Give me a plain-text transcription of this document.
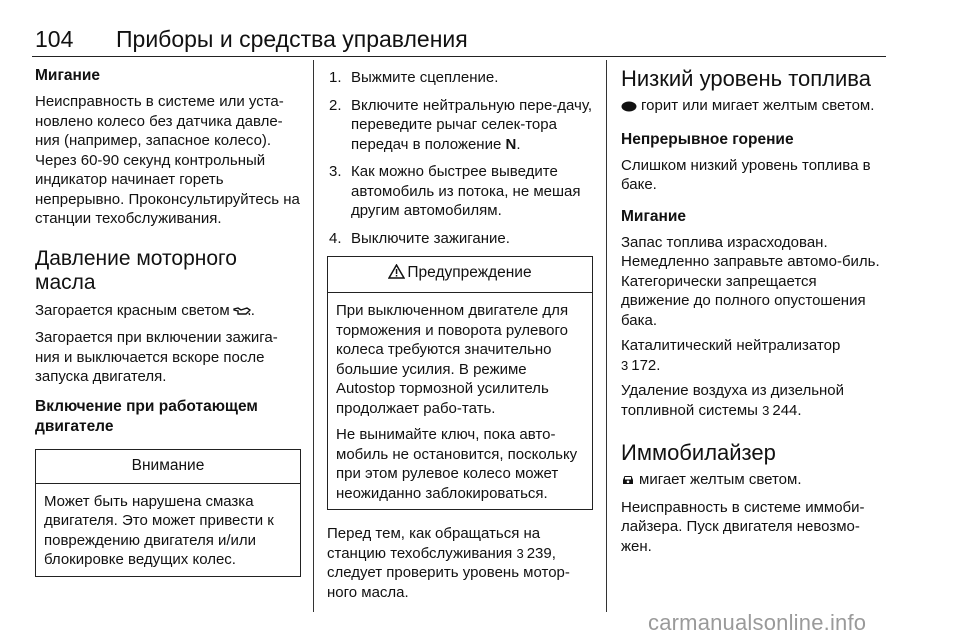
104 Приборы и средства управления
Мигание

Неисправность в системе или уста-новлено колесо без датчика давле-ния (например, запасное колесо). Через 60-90 секунд контрольный индикатор начинает гореть непрерывно. Проконсультируйтесь на станции техобслуживания.

Давление моторного масла

Загорается красным светом .

Загорается при включении зажига-ния и выключается вскоре после запуска двигателя.

Включение при работающем двигателе
Внимание

Может быть нарушена смазка двигателя. Это может привести к повреждению двигателя и/или блокировке ведущих колес.

1. Выжмите сцепление.
2. Включите нейтральную пере-дачу, переведите рычаг селек-тора передач в положение N.
3. Как можно быстрее выведите автомобиль из потока, не мешая другим автомобилям.
4. Выключите зажигание.
Предупреждение

При выключенном двигателе для торможения и поворота рулевого колеса требуются значительно большие усилия. В режиме Autostop тормозной усилитель продолжает рабо-тать.

Не вынимайте ключ, пока авто-мобиль не остановится, поскольку при этом рулевое колесо может неожиданно заблокироваться.

Перед тем, как обращаться на станцию техобслуживания 3 239, следует проверить уровень мотор-ного масла.

Низкий уровень топлива

горит или мигает желтым светом.

Непрерывное горение

Слишком низкий уровень топлива в баке.

Мигание

Запас топлива израсходован. Немедленно заправьте автомо-биль. Категорически запрещается движение до полного опустошения бака.

Каталитический нейтрализатор
3 172.

Удаление воздуха из дизельной топливной системы 3 244.

Иммобилайзер

мигает желтым светом.

Неисправность в системе иммоби-лайзера. Пуск двигателя невозмо-жен.

carmanualsonline.info
